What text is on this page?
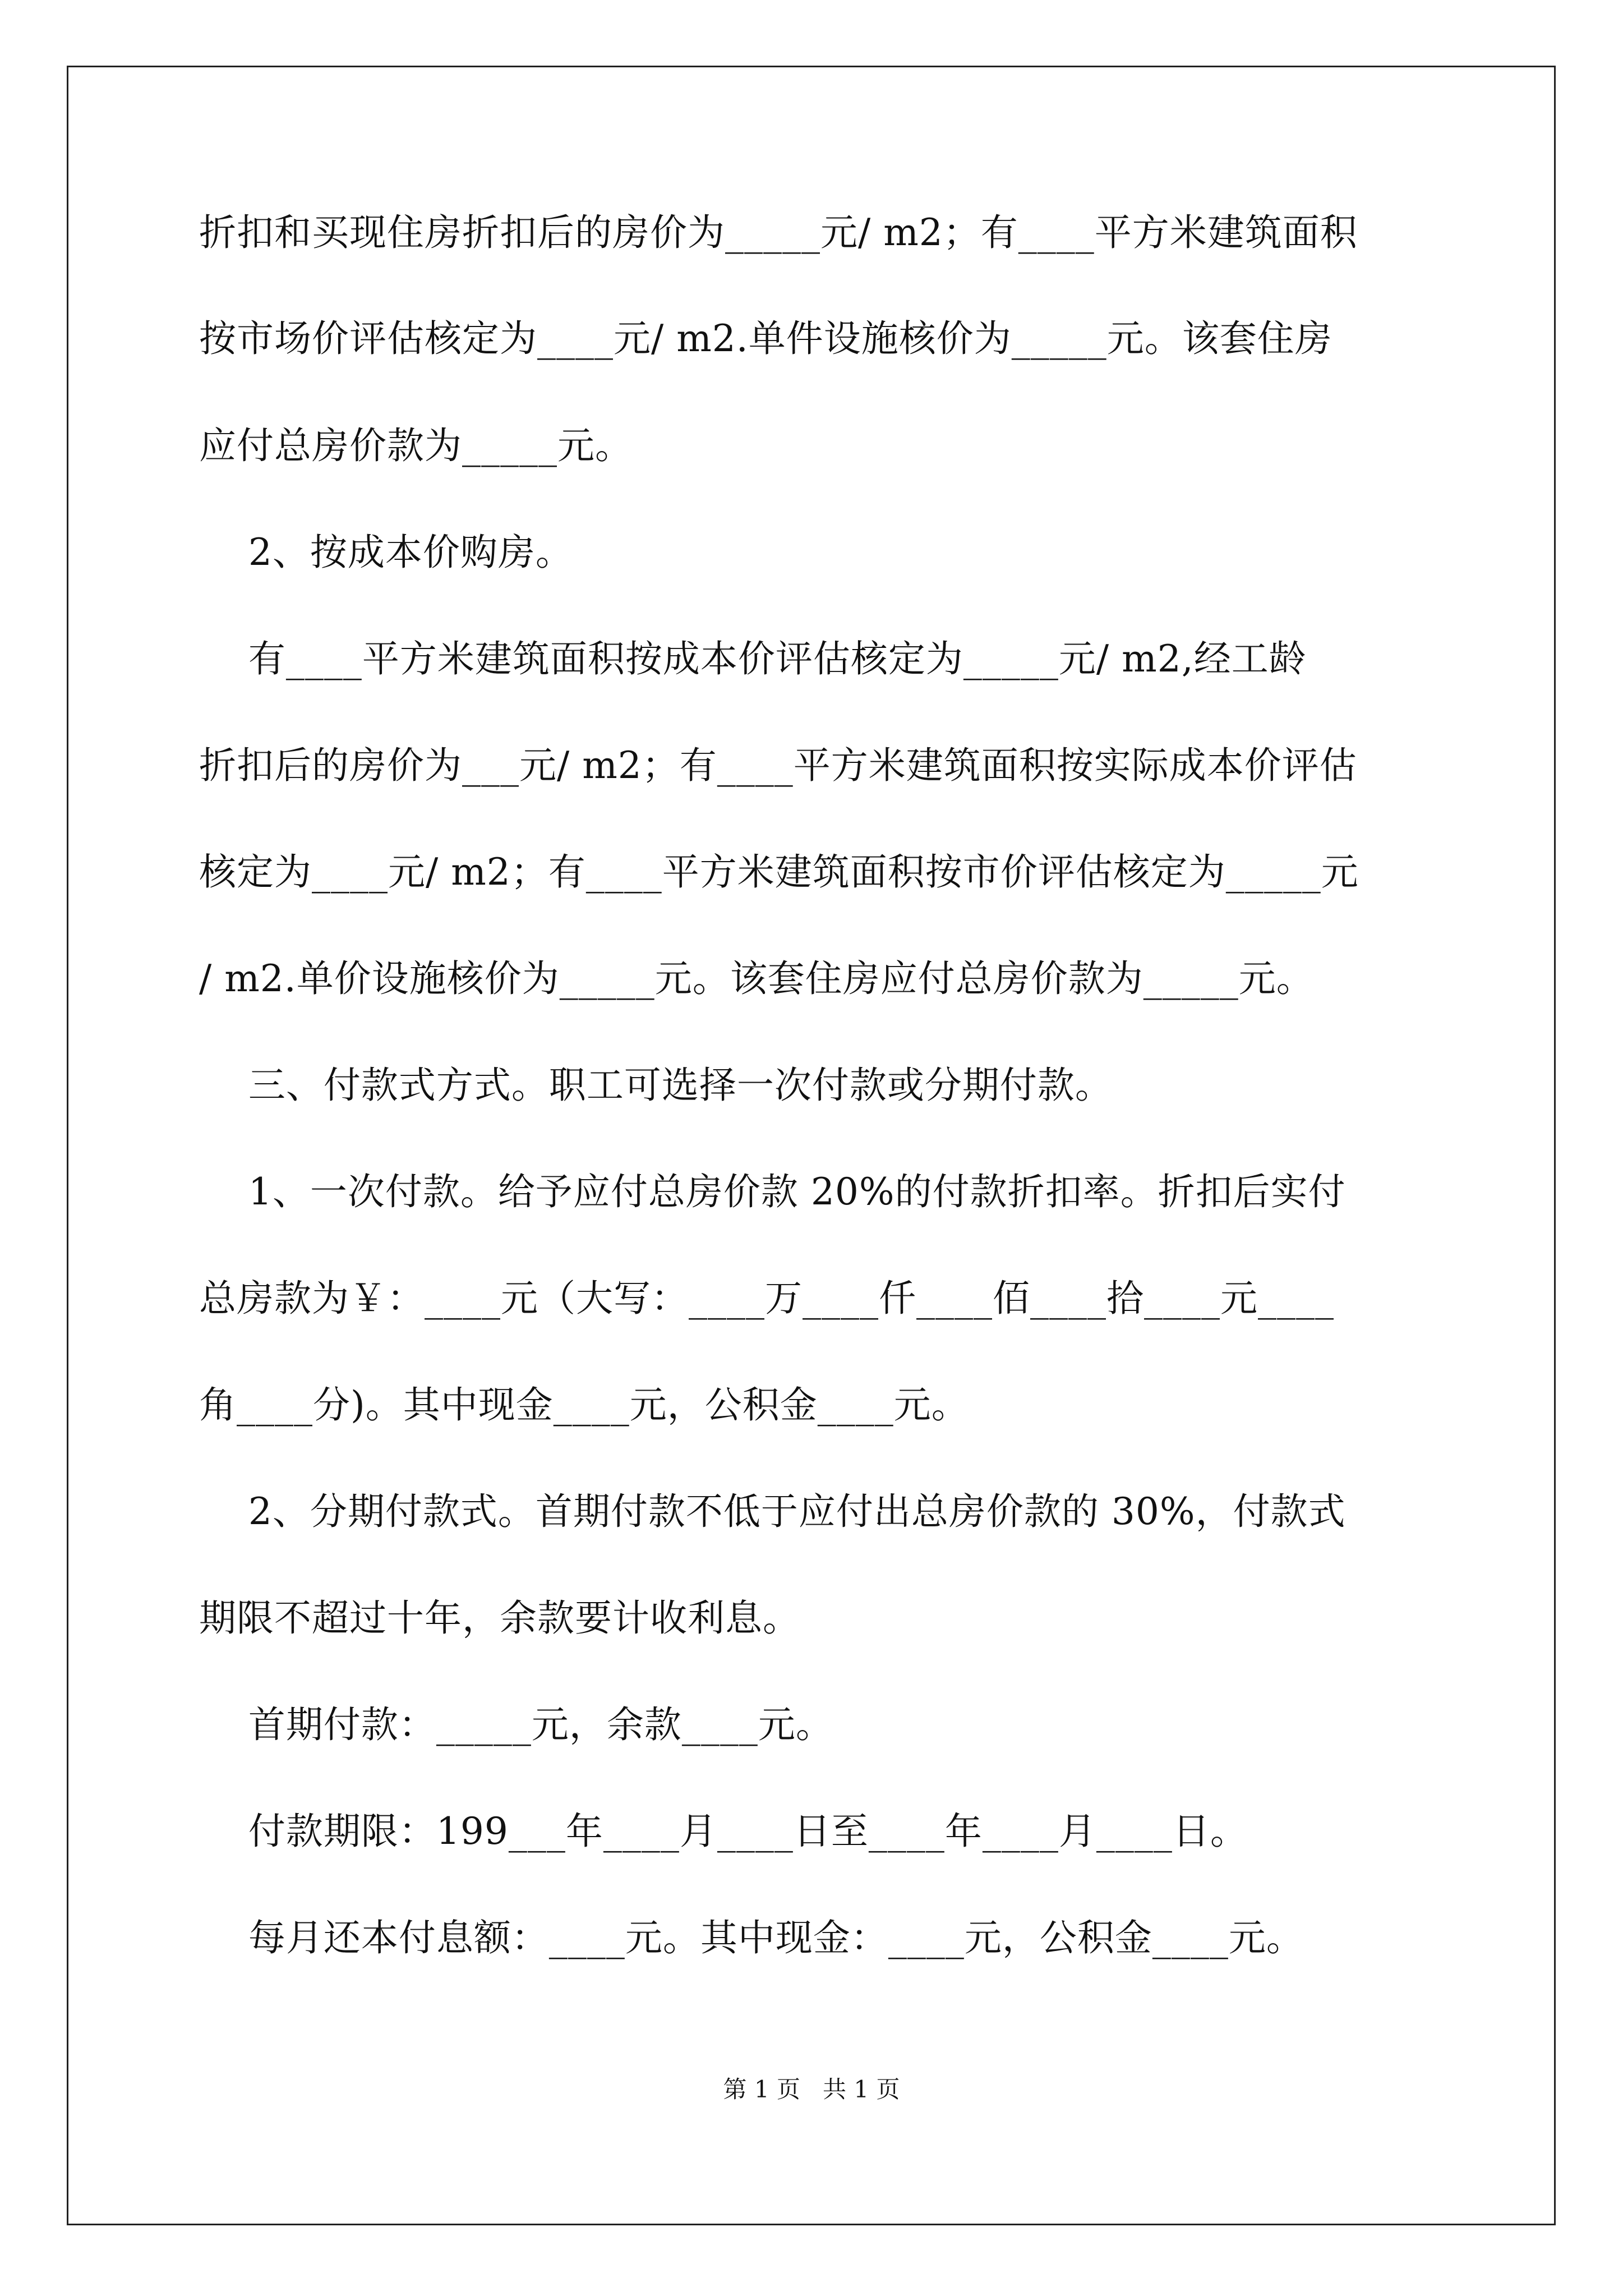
折扣和买现住房折扣后的房价为_____元/ m2；有____平方米建筑面积
按市场价评估核定为____元/ m2.单件设施核价为_____元。该套住房
应付总房价款为_____元。
2、按成本价购房。
有____平方米建筑面积按成本价评估核定为_____元/ m2,经工龄
折扣后的房价为___元/ m2；有____平方米建筑面积按实际成本价评估
核定为____元/ m2；有____平方米建筑面积按市价评估核定为_____元
/ m2.单价设施核价为_____元。该套住房应付总房价款为_____元。
三、付款式方式。职工可选择一次付款或分期付款。
1、一次付款。给予应付总房价款 20%的付款折扣率。折扣后实付
总房款为￥：____元（大写：____万____仟____佰____拾____元____
角____分)。其中现金____元，公积金____元。
2、分期付款式。首期付款不低于应付出总房价款的 30%，付款式
期限不超过十年，余款要计收利息。
首期付款：_____元，余款____元。
付款期限：199___年____月____日至____年____月____日。
每月还本付息额：____元。其中现金：____元，公积金____元。
第 1 页   共 1 页
